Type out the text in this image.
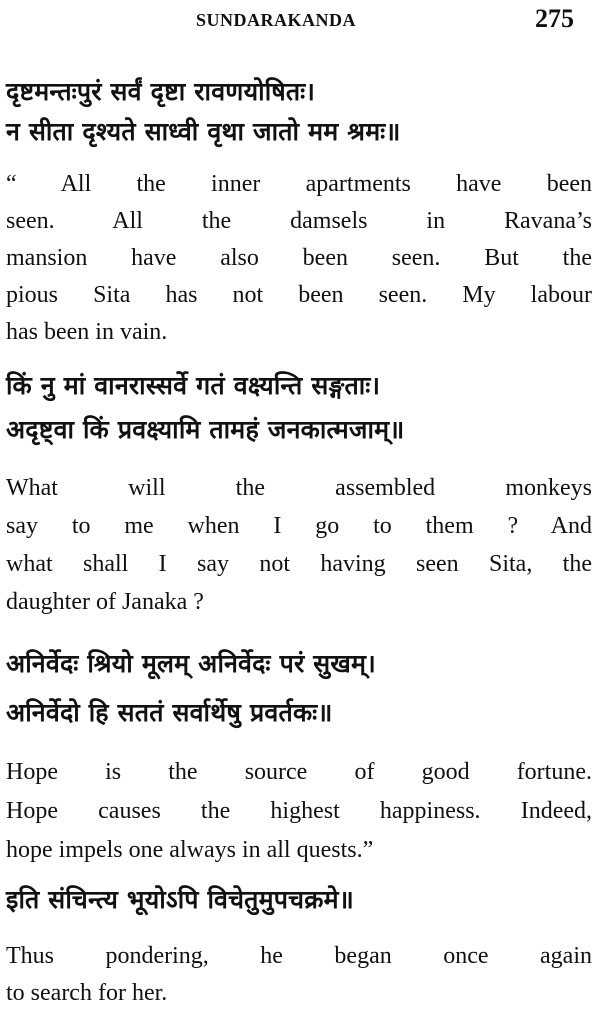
SUNDARAKANDA	275
दृष्टमन्तःपुरं सर्वं दृष्टा रावणयोषितः।
न सीता दृश्यते साध्वी वृथा जातो मम श्रमः॥
“ All the inner apartments have been
seen. All the damsels in Ravana’s
mansion have also been seen. But the
pious Sita has not been seen. My labour
has been in vain.
किं नु मां वानरास्सर्वे गतं वक्ष्यन्ति सङ्गताः।
अदृष्ट्वा किं प्रवक्ष्यामि तामहं जनकात्मजाम्॥
What will the assembled monkeys
say to me when I go to them ? And
what shall I say not having seen Sita, the
daughter of Janaka ?
अनिर्वेदः श्रियो मूलम् अनिर्वेदः परं सुखम्।
अनिर्वेदो हि सततं सर्वार्थेषु प्रवर्तकः॥
Hope is the source of good fortune.
Hope causes the highest happiness. Indeed,
hope impels one always in all quests.”
इति संचिन्त्य भूयोऽपि विचेतुमुपचक्रमे॥
Thus pondering, he began once again
to search for her.
